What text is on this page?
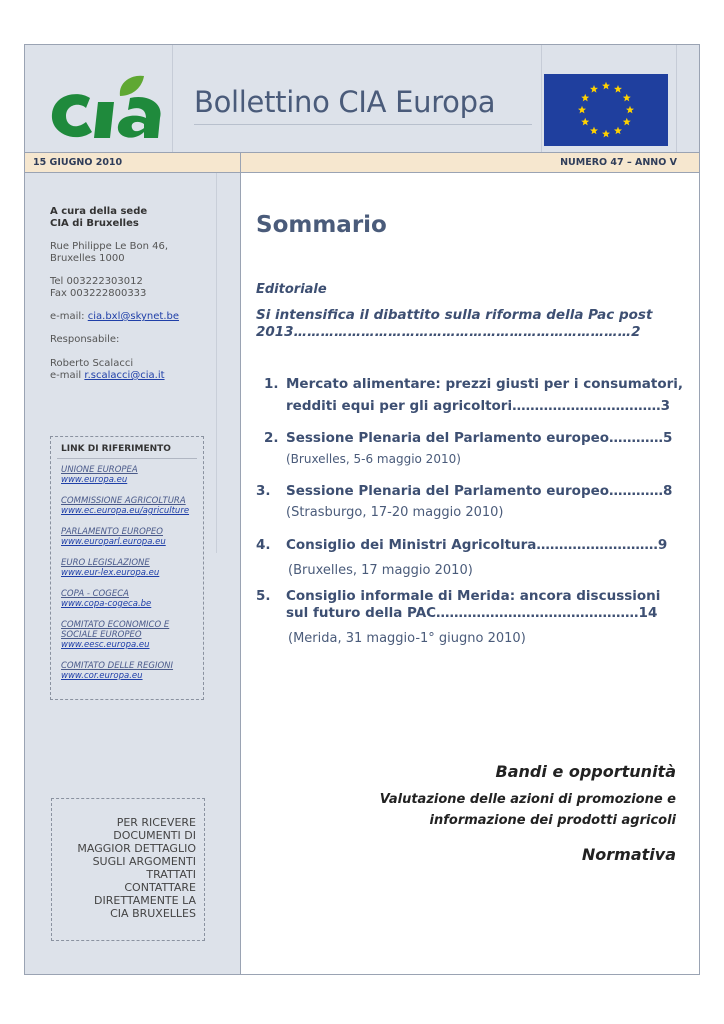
Bollettino CIA Europa
15 GIUGNO 2010	NUMERO 47 – ANNO V
A cura della sede
CIA di Bruxelles
Rue Philippe Le Bon 46,
Bruxelles 1000
Tel 003222303012
Fax 003222800333
e-mail: cia.bxl@skynet.be
Responsabile:
Roberto Scalacci
e-mail r.scalacci@cia.it
LINK DI RIFERIMENTO
UNIONE EUROPEA
www.europa.eu
COMMISSIONE AGRICOLTURA
www.ec.europa.eu/agriculture
PARLAMENTO EUROPEO
www.europarl.europa.eu
EURO LEGISLAZIONE
www.eur-lex.europa.eu
COPA - COGECA
www.copa-cogeca.be
COMITATO ECONOMICO E
SOCIALE EUROPEO
www.eesc.europa.eu
COMITATO DELLE REGIONI
www.cor.europa.eu
PER RICEVERE
DOCUMENTI DI
MAGGIOR DETTAGLIO
SUGLI ARGOMENTI
TRATTATI
CONTATTARE
DIRETTAMENTE LA
CIA BRUXELLES
Sommario
Editoriale
Si intensifica il dibattito sulla riforma della Pac post
2013…………………………………………………………………2
1. Mercato alimentare: prezzi giusti per i consumatori,
redditi equi per gli agricoltori……………………………3
2. Sessione Plenaria del Parlamento europeo…………5
(Bruxelles, 5-6 maggio 2010)
3. Sessione Plenaria del Parlamento europeo…………8
(Strasburgo, 17-20 maggio 2010)
4. Consiglio dei Ministri Agricoltura………………………9
(Bruxelles, 17 maggio 2010)
5. Consiglio informale di Merida: ancora discussioni
sul futuro della PAC………………………………………14
(Merida, 31 maggio-1° giugno 2010)
Bandi e opportunità
Valutazione delle azioni di promozione e
informazione dei prodotti agricoli
Normativa
